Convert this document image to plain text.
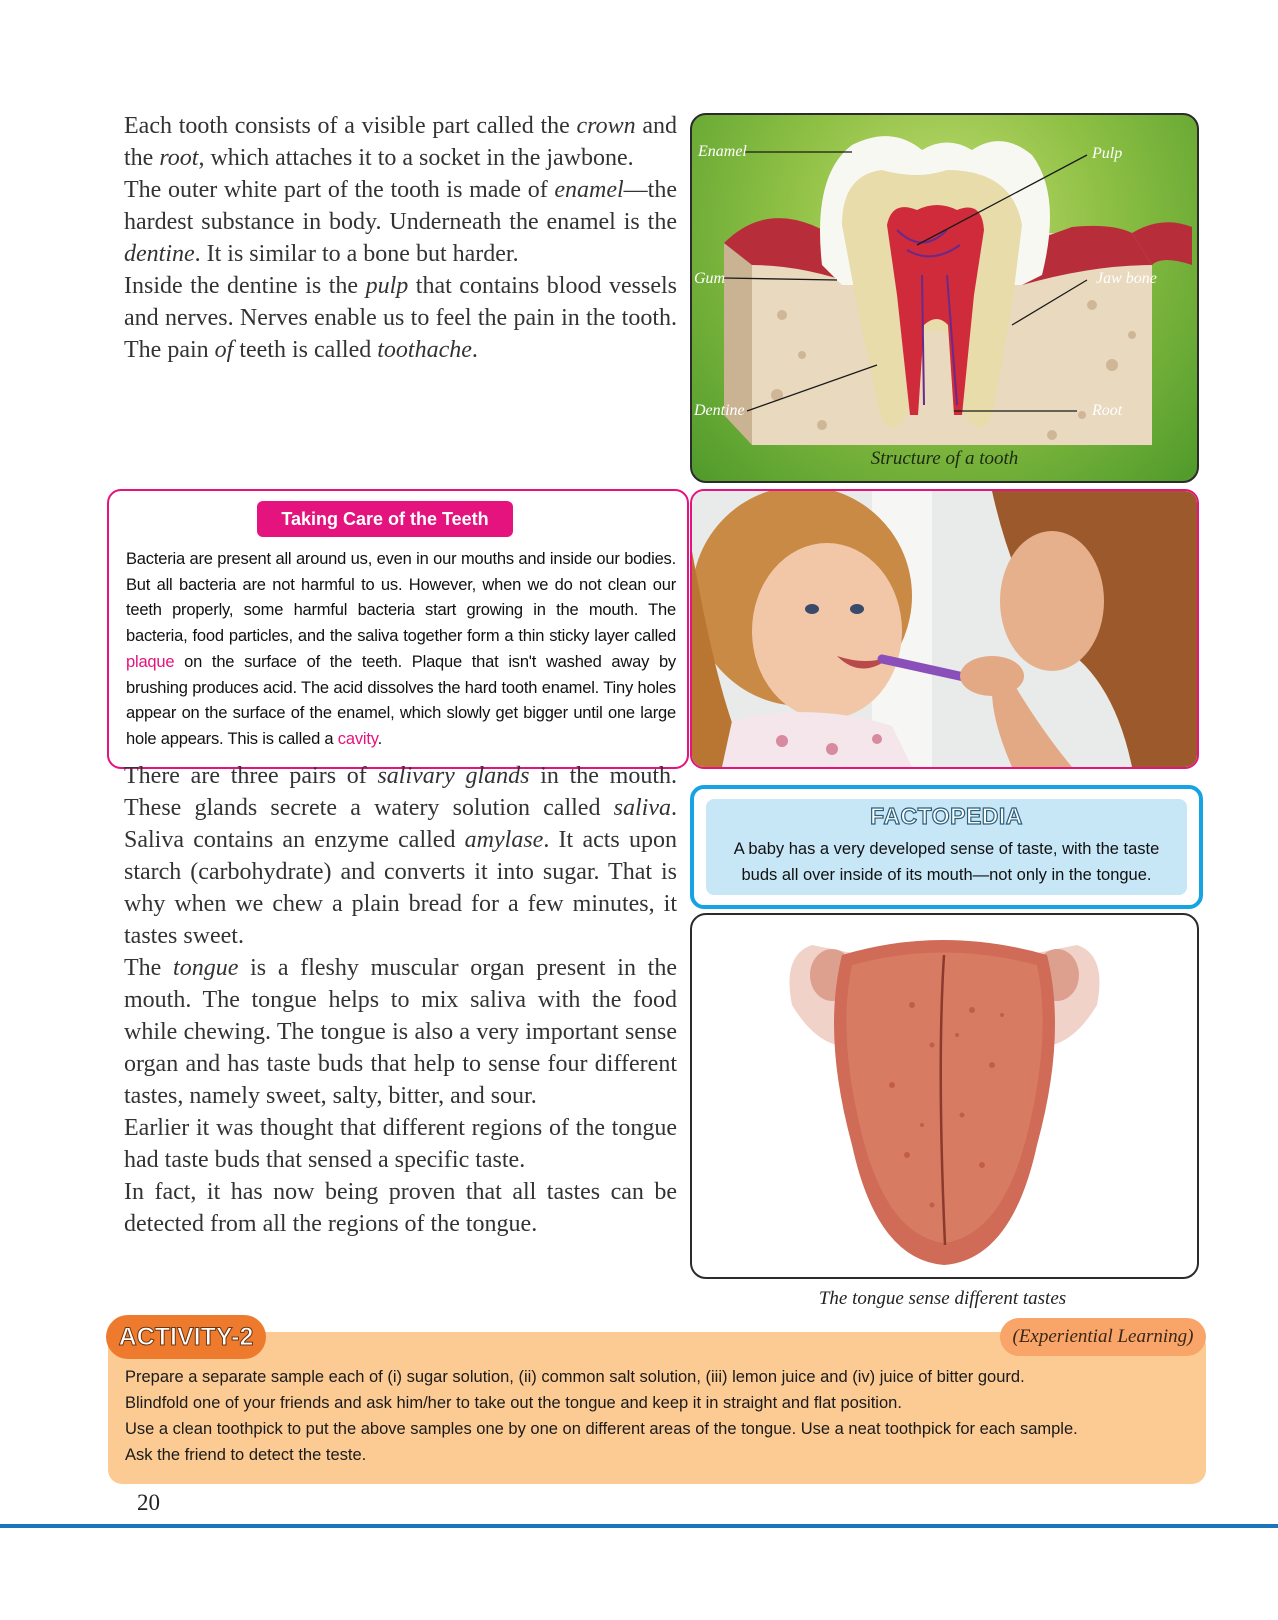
Each tooth consists of a visible part called the crown and the root, which attaches it to a socket in the jawbone.

The outer white part of the tooth is made of enamel—the hardest substance in body. Underneath the enamel is the dentine. It is similar to a bone but harder.

Inside the dentine is the pulp that contains blood vessels and nerves. Nerves enable us to feel the pain in the tooth. The pain of teeth is called toothache.

Enamel	Pulp
Gum	Jaw bone
Dentine	Root
Structure of a tooth
Taking Care of the Teeth
Bacteria are present all around us, even in our mouths and inside our bodies. But all bacteria are not harmful to us. However, when we do not clean our teeth properly, some harmful bacteria start growing in the mouth. The bacteria, food particles, and the saliva together form a thin sticky layer called plaque on the surface of the teeth. Plaque that isn't washed away by brushing produces acid. The acid dissolves the hard tooth enamel. Tiny holes appear on the surface of the enamel, which slowly get bigger until one large hole appears. This is called a cavity.

There are three pairs of salivary glands in the mouth. These glands secrete a watery solution called saliva. Saliva contains an enzyme called amylase. It acts upon starch (carbohydrate) and converts it into sugar. That is why when we chew a plain bread for a few minutes, it tastes sweet.

The tongue is a fleshy muscular organ present in the mouth. The tongue helps to mix saliva with the food while chewing. The tongue is also a very important sense organ and has taste buds that help to sense four different tastes, namely sweet, salty, bitter, and sour.

Earlier it was thought that different regions of the tongue had taste buds that sensed a specific taste.

In fact, it has now being proven that all tastes can be detected from all the regions of the tongue.

FACTOPEDIA
A baby has a very developed sense of taste, with the taste
buds all over inside of its mouth—not only in the tongue.
The tongue sense different tastes
ACTIVITY-2	(Experiential Learning)
Prepare a separate sample each of (i) sugar solution, (ii) common salt solution, (iii) lemon juice and (iv) juice of bitter gourd.
Blindfold one of your friends and ask him/her to take out the tongue and keep it in straight and flat position.
Use a clean toothpick to put the above samples one by one on different areas of the tongue. Use a neat toothpick for each sample.
Ask the friend to detect the teste.
20
